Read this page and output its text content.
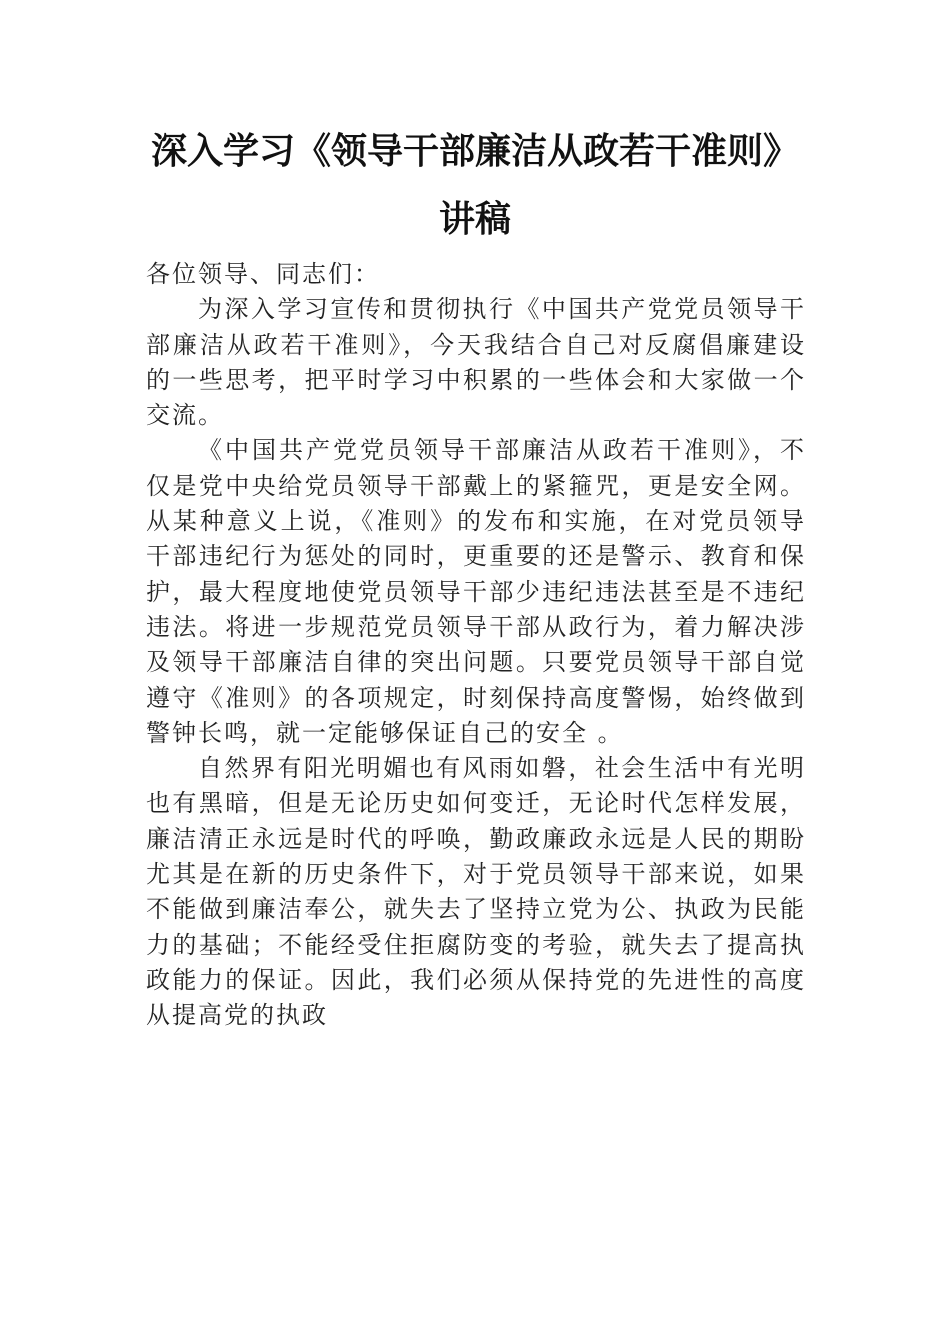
深入学习《领导干部廉洁从政若干准则》
讲稿

各位领导、同志们：

为深入学习宣传和贯彻执行《中国共产党党员领导干
部廉洁从政若干准则》，今天我结合自己对反腐倡廉建设
的一些思考，把平时学习中积累的一些体会和大家做一个
交流。
《中国共产党党员领导干部廉洁从政若干准则》，不
仅是党中央给党员领导干部戴上的紧箍咒，更是安全网。
从某种意义上说，《准则》的发布和实施，在对党员领导
干部违纪行为惩处的同时，更重要的还是警示、教育和保
护，最大程度地使党员领导干部少违纪违法甚至是不违纪
违法。将进一步规范党员领导干部从政行为，着力解决涉
及领导干部廉洁自律的突出问题。只要党员领导干部自觉
遵守《准则》的各项规定，时刻保持高度警惕，始终做到
警钟长鸣，就一定能够保证自己的安全 。
自然界有阳光明媚也有风雨如磐，社会生活中有光明
也有黑暗，但是无论历史如何变迁，无论时代怎样发展，
廉洁清正永远是时代的呼唤，勤政廉政永远是人民的期盼
尤其是在新的历史条件下，对于党员领导干部来说，如果
不能做到廉洁奉公，就失去了坚持立党为公、执政为民能
力的基础；不能经受住拒腐防变的考验，就失去了提高执
政能力的保证。因此，我们必须从保持党的先进性的高度
从提高党的执政
